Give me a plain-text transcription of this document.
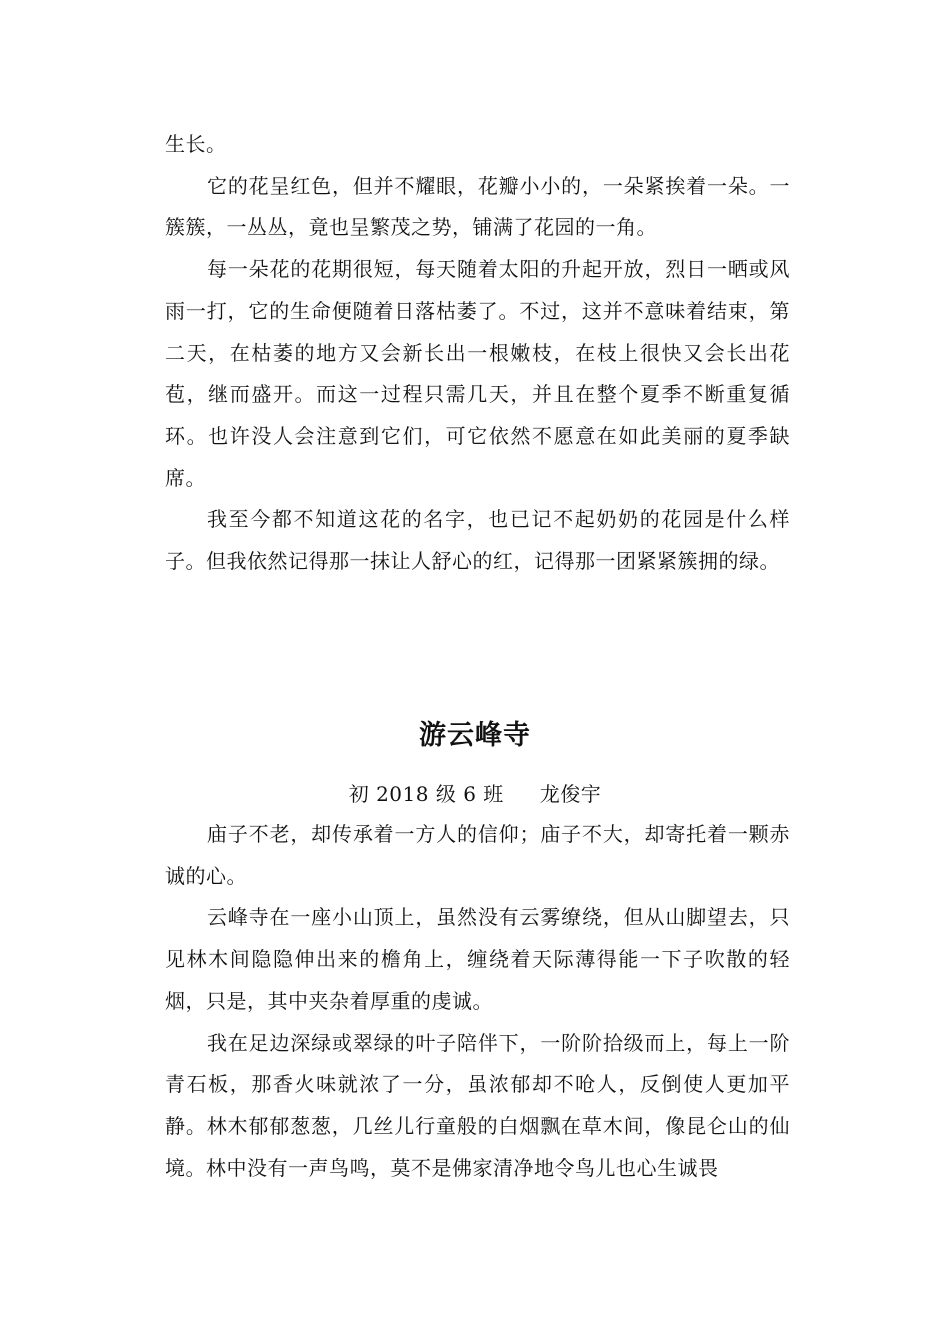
生长。

它的花呈红色，但并不耀眼，花瓣小小的，一朵紧挨着一朵。一簇簇，一丛丛，竟也呈繁茂之势，铺满了花园的一角。

每一朵花的花期很短，每天随着太阳的升起开放，烈日一晒或风雨一打，它的生命便随着日落枯萎了。不过，这并不意味着结束，第二天，在枯萎的地方又会新长出一根嫩枝，在枝上很快又会长出花苞，继而盛开。而这一过程只需几天，并且在整个夏季不断重复循环。也许没人会注意到它们，可它依然不愿意在如此美丽的夏季缺席。

我至今都不知道这花的名字，也已记不起奶奶的花园是什么样子。但我依然记得那一抹让人舒心的红，记得那一团紧紧簇拥的绿。

游云峰寺
初 2018 级 6 班 龙俊宇

庙子不老，却传承着一方人的信仰；庙子不大，却寄托着一颗赤诚的心。

云峰寺在一座小山顶上，虽然没有云雾缭绕，但从山脚望去，只见林木间隐隐伸出来的檐角上，缠绕着天际薄得能一下子吹散的轻烟，只是，其中夹杂着厚重的虔诚。

我在足边深绿或翠绿的叶子陪伴下，一阶阶拾级而上，每上一阶青石板，那香火味就浓了一分，虽浓郁却不呛人，反倒使人更加平静。林木郁郁葱葱，几丝儿行童般的白烟飘在草木间，像昆仑山的仙境。林中没有一声鸟鸣，莫不是佛家清净地令鸟儿也心生诚畏
